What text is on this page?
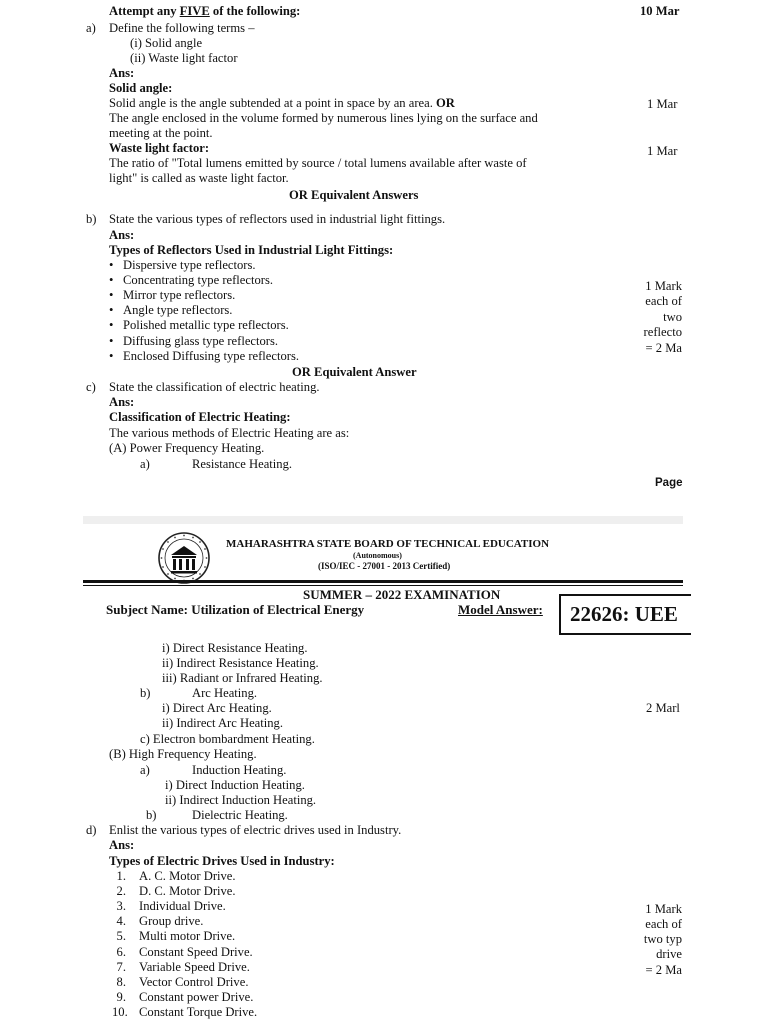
Attempt any FIVE of the following:	10 Mar
a) Define the following terms –
(i) Solid angle
(ii) Waste light factor
Ans:
Solid angle:
Solid angle is the angle subtended at a point in space by an area. OR	1 Mar
The angle enclosed in the volume formed by numerous lines lying on the surface and
meeting at the point.
Waste light factor:	1 Mar
The ratio of "Total lumens emitted by source / total lumens available after waste of
light" is called as waste light factor.
OR Equivalent Answers
b) State the various types of reflectors used in industrial light fittings.
Ans:
Types of Reflectors Used in Industrial Light Fittings:
• Dispersive type reflectors.
• Concentrating type reflectors.
• Mirror type reflectors.
• Angle type reflectors.
• Polished metallic type reflectors.
• Diffusing glass type reflectors.
• Enclosed Diffusing type reflectors.
1 Mark
each of
two
reflecto
= 2 Ma
OR Equivalent Answer
c) State the classification of electric heating.
Ans:
Classification of Electric Heating:
The various methods of Electric Heating are as:
(A) Power Frequency Heating.
a)	Resistance Heating.
Page
MAHARASHTRA STATE BOARD OF TECHNICAL EDUCATION
(Autonomous)
(ISO/IEC - 27001 - 2013 Certified)
SUMMER – 2022 EXAMINATION
Subject Name: Utilization of Electrical Energy	Model Answer: 22626: UEE
i) Direct Resistance Heating.
ii) Indirect Resistance Heating.
iii) Radiant or Infrared Heating.
b)	Arc Heating.
i) Direct Arc Heating.
ii) Indirect Arc Heating.
2 Marl
c) Electron bombardment Heating.
(B) High Frequency Heating.
a)	Induction Heating.
i) Direct Induction Heating.
ii) Indirect Induction Heating.
b)	Dielectric Heating.
d) Enlist the various types of electric drives used in Industry.
Ans:
Types of Electric Drives Used in Industry:
1. A. C. Motor Drive.
2. D. C. Motor Drive.
3. Individual Drive.
4. Group drive.
5. Multi motor Drive.
6. Constant Speed Drive.
7. Variable Speed Drive.
8. Vector Control Drive.
9. Constant power Drive.
10. Constant Torque Drive.
1 Mark
each of
two typ
drive
= 2 Ma
